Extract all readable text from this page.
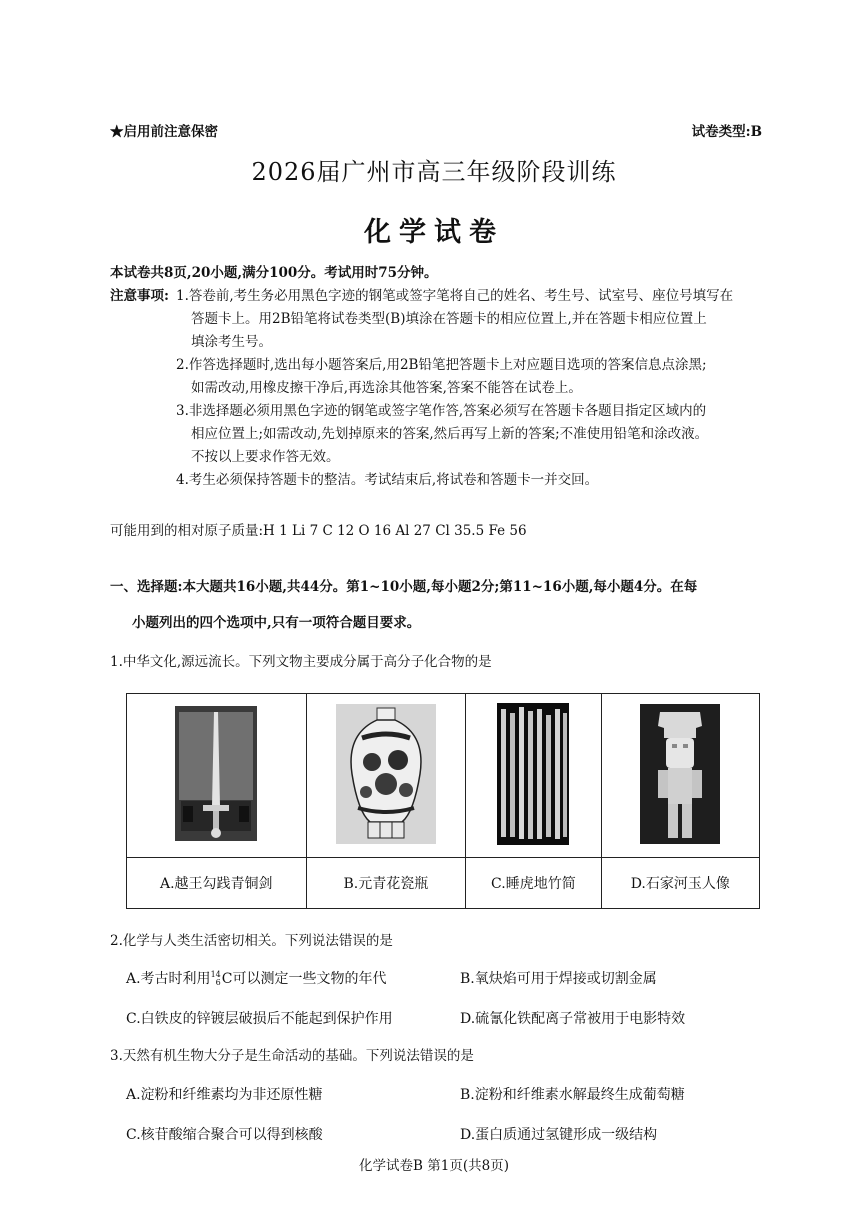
★启用前注意保密	试卷类型:B
2026届广州市高三年级阶段训练
化学试卷
本试卷共8页,20小题,满分100分。考试用时75分钟。
注意事项: 1.答卷前,考生务必用黑色字迹的钢笔或签字笔将自己的姓名、考生号、试室号、座位号填写在
答题卡上。用2B铅笔将试卷类型(B)填涂在答题卡的相应位置上,并在答题卡相应位置上
填涂考生号。
2.作答选择题时,选出每小题答案后,用2B铅笔把答题卡上对应题目选项的答案信息点涂黑;
如需改动,用橡皮擦干净后,再选涂其他答案,答案不能答在试卷上。
3.非选择题必须用黑色字迹的钢笔或签字笔作答,答案必须写在答题卡各题目指定区域内的
相应位置上;如需改动,先划掉原来的答案,然后再写上新的答案;不准使用铅笔和涂改液。
不按以上要求作答无效。
4.考生必须保持答题卡的整洁。考试结束后,将试卷和答题卡一并交回。
可能用到的相对原子质量:H 1 Li 7 C 12 O 16 Al 27 Cl 35.5 Fe 56
一、选择题:本大题共16小题,共44分。第1~10小题,每小题2分;第11~16小题,每小题4分。在每
小题列出的四个选项中,只有一项符合题目要求。
1.中华文化,源远流长。下列文物主要成分属于高分子化合物的是

A.越王勾践青铜剑	B.元青花瓷瓶	C.睡虎地竹简	D.石家河玉人像
2.化学与人类生活密切相关。下列说法错误的是
A.考古时利用 14
6 C可以测定一些文物的年代	B.氧炔焰可用于焊接或切割金属
C.白铁皮的锌镀层破损后不能起到保护作用	D.硫氰化铁配离子常被用于电影特效
3.天然有机生物大分子是生命活动的基础。下列说法错误的是
A.淀粉和纤维素均为非还原性糖	B.淀粉和纤维素水解最终生成葡萄糖
C.核苷酸缩合聚合可以得到核酸	D.蛋白质通过氢键形成一级结构
化学试卷B 第1页(共8页)
